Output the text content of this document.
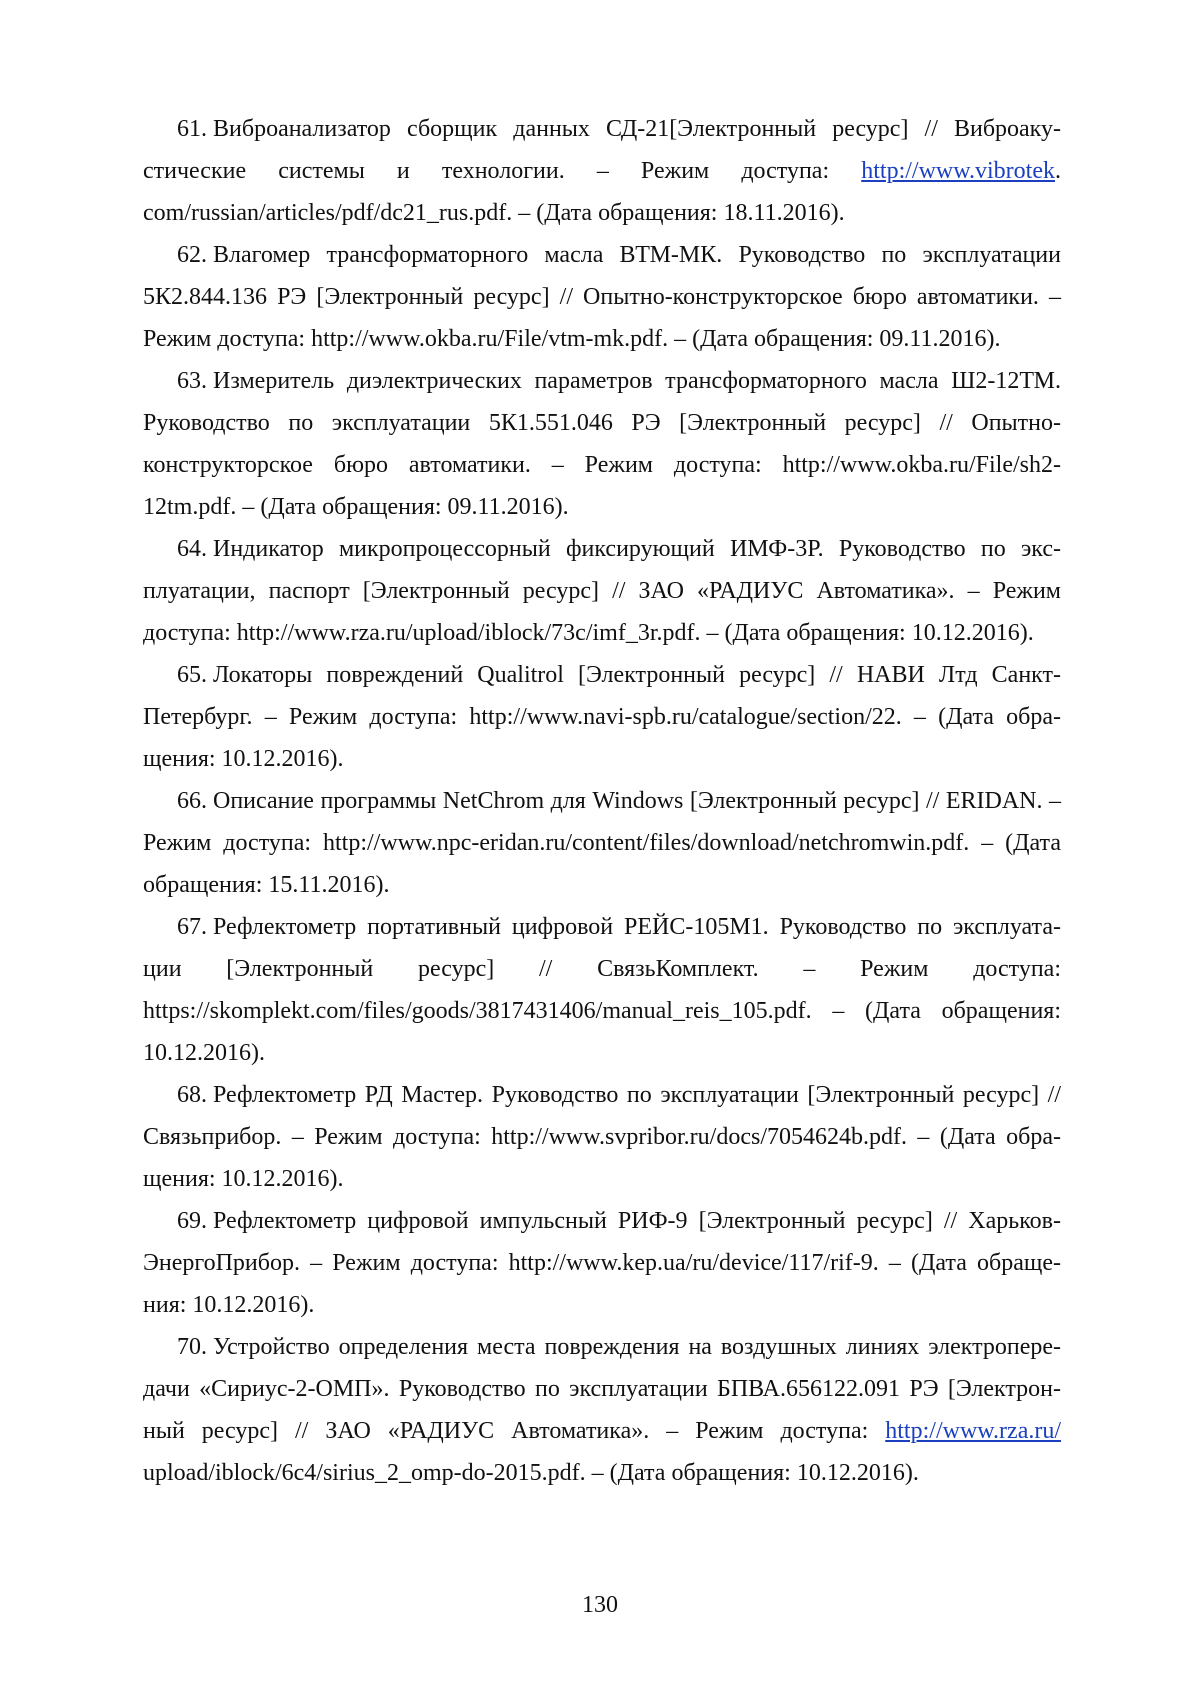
61. Виброанализатор сборщик данных СД-21[Электронный ресурс] // Виброакустические системы и технологии. – Режим доступа: http://www.vibrotek. com/russian/articles/pdf/dc21_rus.pdf. – (Дата обращения: 18.11.2016).

62. Влагомер трансформаторного масла ВТМ-МК. Руководство по эксплуатации 5К2.844.136 РЭ [Электронный ресурс] // Опытно-конструкторское бюро автоматики. – Режим доступа: http://www.okba.ru/File/vtm-mk.pdf. – (Дата обращения: 09.11.2016).

63. Измеритель диэлектрических параметров трансформаторного масла Ш2-12ТМ. Руководство по эксплуатации 5К1.551.046 РЭ [Электронный ресурс] // Опытно-конструкторское бюро автоматики. – Режим доступа: http://www.okba.ru/File/sh2-12tm.pdf. – (Дата обращения: 09.11.2016).

64. Индикатор микропроцессорный фиксирующий ИМФ-3Р. Руководство по эксплуатации, паспорт [Электронный ресурс] // ЗАО «РАДИУС Автоматика». – Режим доступа: http://www.rza.ru/upload/iblock/73c/imf_3r.pdf. – (Дата обращения: 10.12.2016).

65. Локаторы повреждений Qualitrol [Электронный ресурс] // НАВИ Лтд Санкт-Петербург. – Режим доступа: http://www.navi-spb.ru/catalogue/section/22. – (Дата обращения: 10.12.2016).

66. Описание программы NetChrom для Windows [Электронный ресурс] // ERIDAN. – Режим доступа: http://www.npc-eridan.ru/content/files/download/netchromwin.pdf. – (Дата обращения: 15.11.2016).

67. Рефлектометр портативный цифровой РЕЙС-105М1. Руководство по эксплуатации [Электронный ресурс] // СвязьКомплект. – Режим доступа: https://skomplekt.com/files/goods/3817431406/manual_reis_105.pdf. – (Дата обращения: 10.12.2016).

68. Рефлектометр РД Мастер. Руководство по эксплуатации [Электронный ресурс] // Связьприбор. – Режим доступа: http://www.svpribor.ru/docs/7054624b.pdf. – (Дата обращения: 10.12.2016).

69. Рефлектометр цифровой импульсный РИФ-9 [Электронный ресурс] // Харьков-ЭнергоПрибор. – Режим доступа: http://www.kep.ua/ru/device/117/rif-9. – (Дата обращения: 10.12.2016).

70. Устройство определения места повреждения на воздушных линиях электропередачи «Сириус-2-ОМП». Руководство по эксплуатации БПВА.656122.091 РЭ [Электронный ресурс] // ЗАО «РАДИУС Автоматика». – Режим доступа: http://www.rza.ru/ upload/iblock/6c4/sirius_2_omp-do-2015.pdf. – (Дата обращения: 10.12.2016).

130
